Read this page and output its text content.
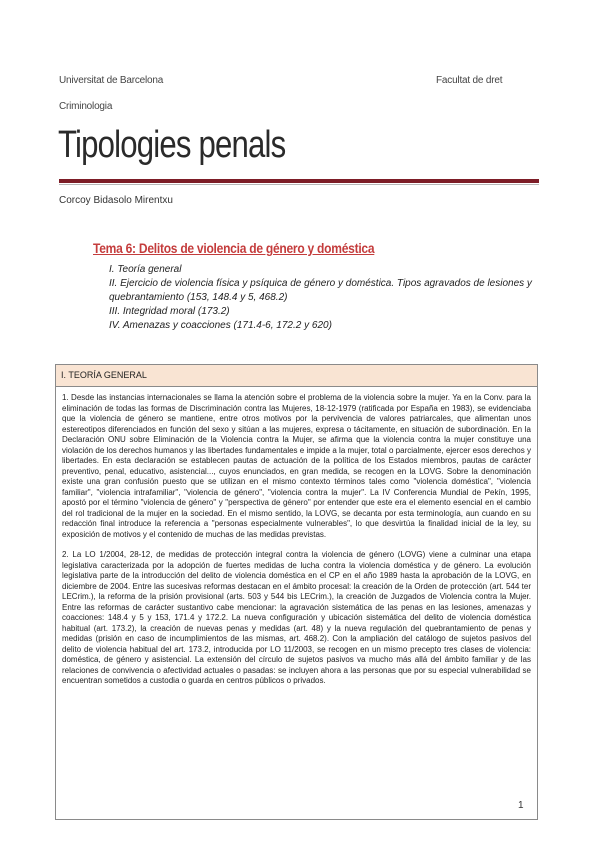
Universitat de Barcelona	Facultat de dret
Criminologia
Tipologies penals
Corcoy Bidasolo Mirentxu
Tema 6: Delitos de violencia de género y doméstica
I. Teoría general
II. Ejercicio de violencia física y psíquica de género y doméstica. Tipos agravados de lesiones y quebrantamiento (153, 148.4 y 5, 468.2)
III. Integridad moral (173.2)
IV. Amenazas y coacciones (171.4-6, 172.2 y 620)
I. TEORÍA GENERAL

1. Desde las instancias internacionales se llama la atención sobre el problema de la violencia sobre la mujer. Ya en la Conv. para la eliminación de todas las formas de Discriminación contra las Mujeres, 18-12-1979 (ratificada por España en 1983), se evidenciaba que la violencia de género se mantiene, entre otros motivos por la pervivencia de valores patriarcales, que alimentan unos estereotipos diferenciados en función del sexo y sitúan a las mujeres, expresa o tácitamente, en situación de subordinación. En la Declaración ONU sobre Eliminación de la Violencia contra la Mujer, se afirma que la violencia contra la mujer constituye una violación de los derechos humanos y las libertades fundamentales e impide a la mujer, total o parcialmente, ejercer esos derechos y libertades. En esta declaración se establecen pautas de actuación de la política de los Estados miembros, pautas de carácter preventivo, penal, educativo, asistencial..., cuyos enunciados, en gran medida, se recogen en la LOVG. Sobre la denominación existe una gran confusión puesto que se utilizan en el mismo contexto términos tales como "violencia doméstica", "violencia familiar", "violencia intrafamiliar", "violencia de género", "violencia contra la mujer". La IV Conferencia Mundial de Pekín, 1995, apostó por el término "violencia de género" y "perspectiva de género" por entender que este era el elemento esencial en el cambio del rol tradicional de la mujer en la sociedad. En el mismo sentido, la LOVG, se decanta por esta terminología, aun cuando en su redacción final introduce la referencia a "personas especialmente vulnerables", lo que desvirtúa la finalidad inicial de la ley, su exposición de motivos y el contenido de muchas de las medidas previstas.

2. La LO 1/2004, 28-12, de medidas de protección integral contra la violencia de género (LOVG) viene a culminar una etapa legislativa caracterizada por la adopción de fuertes medidas de lucha contra la violencia doméstica y de género. La evolución legislativa parte de la introducción del delito de violencia doméstica en el CP en el año 1989 hasta la aprobación de la LOVG, en diciembre de 2004. Entre las sucesivas reformas destacan en el ámbito procesal: la creación de la Orden de protección (art. 544 ter LECrim.), la reforma de la prisión provisional (arts. 503 y 544 bis LECrim.), la creación de Juzgados de Violencia contra la Mujer. Entre las reformas de carácter sustantivo cabe mencionar: la agravación sistemática de las penas en las lesiones, amenazas y coacciones: 148.4 y 5 y 153, 171.4 y 172.2. La nueva configuración y ubicación sistemática del delito de violencia doméstica habitual (art. 173.2), la creación de nuevas penas y medidas (art. 48) y la nueva regulación del quebrantamiento de penas y medidas (prisión en caso de incumplimientos de las mismas, art. 468.2). Con la ampliación del catálogo de sujetos pasivos del delito de violencia habitual del art. 173.2, introducida por LO 11/2003, se recogen en un mismo precepto tres clases de violencia: doméstica, de género y asistencial. La extensión del círculo de sujetos pasivos va mucho más allá del ámbito familiar y de las relaciones de convivencia o afectividad actuales o pasadas: se incluyen ahora a las personas que por su especial vulnerabilidad se encuentran sometidos a custodia o guarda en centros públicos o privados.

1
